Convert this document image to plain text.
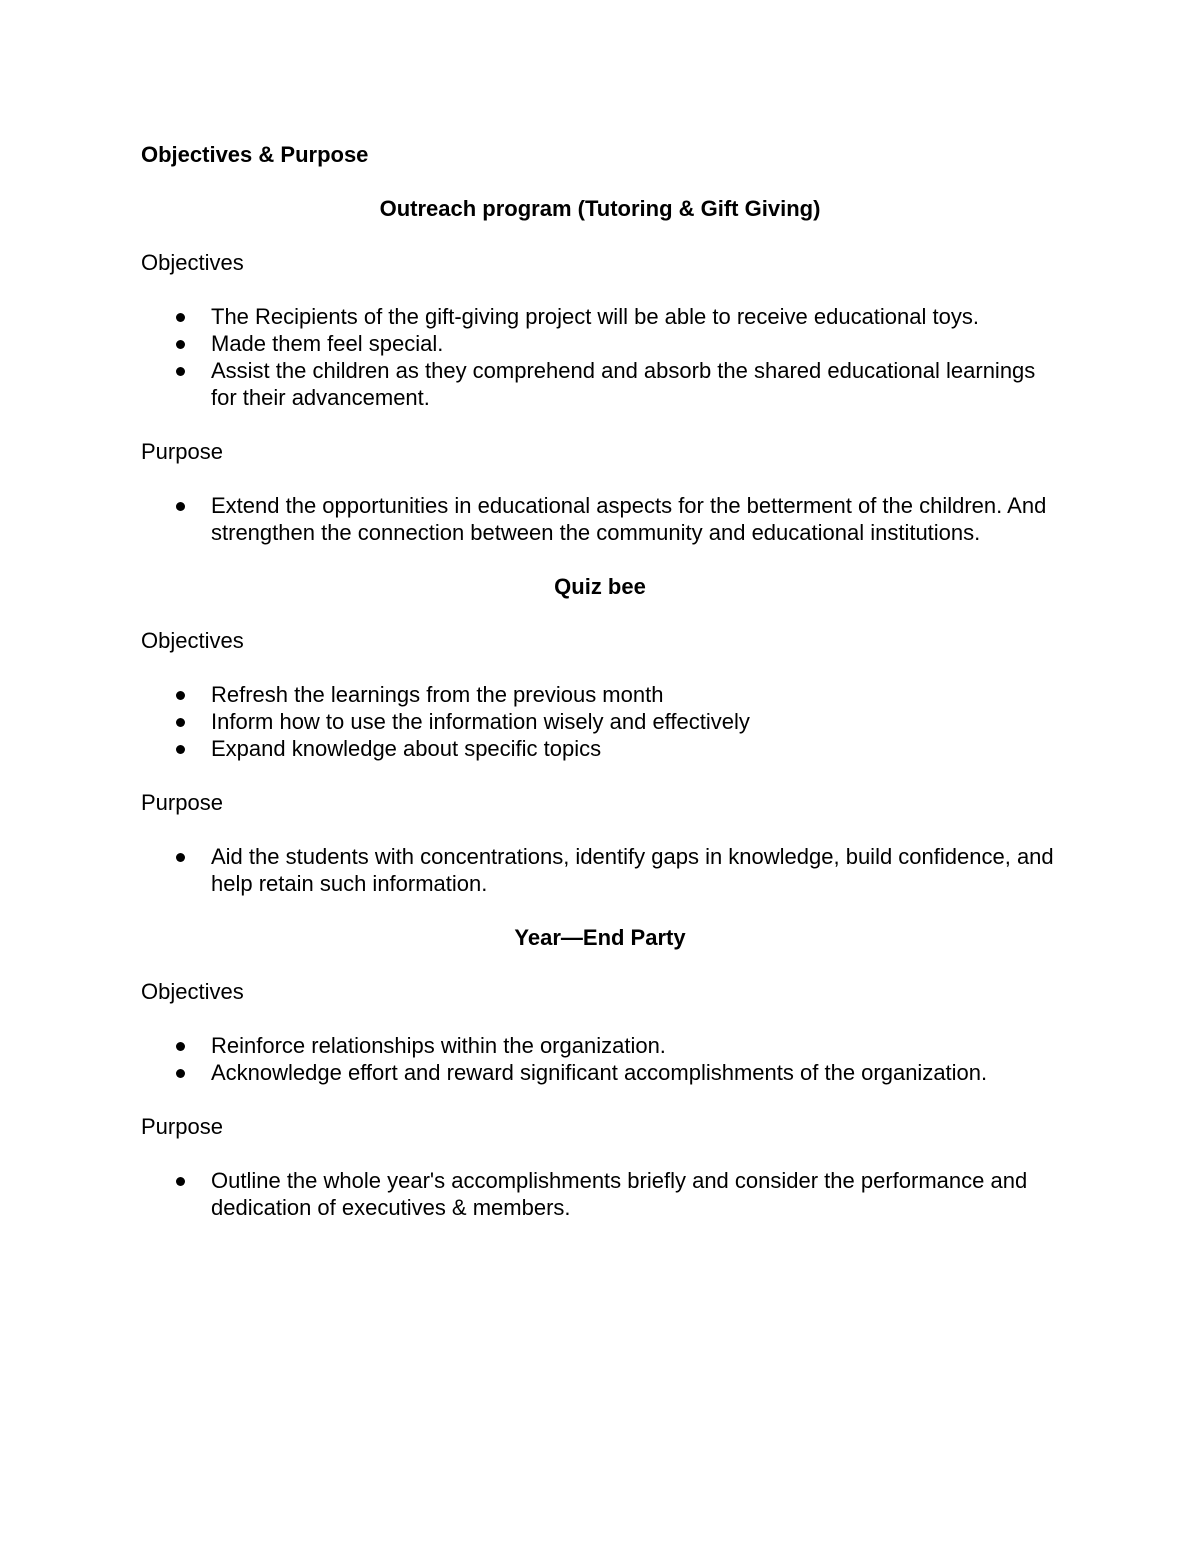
Objectives & Purpose
Outreach program (Tutoring & Gift Giving)
Objectives
The Recipients of the gift-giving project will be able to receive educational toys.
Made them feel special.
Assist the children as they comprehend and absorb the shared educational learnings for their advancement.
Purpose
Extend the opportunities in educational aspects for the betterment of the children. And strengthen the connection between the community and educational institutions.
Quiz bee
Objectives
Refresh the learnings from the previous month
Inform how to use the information wisely and effectively
Expand knowledge about specific topics
Purpose
Aid the students with concentrations, identify gaps in knowledge, build confidence, and help retain such information.
Year—End Party
Objectives
Reinforce relationships within the organization.
Acknowledge effort and reward significant accomplishments of the organization.
Purpose
Outline the whole year's accomplishments briefly and consider the performance and dedication of executives & members.
